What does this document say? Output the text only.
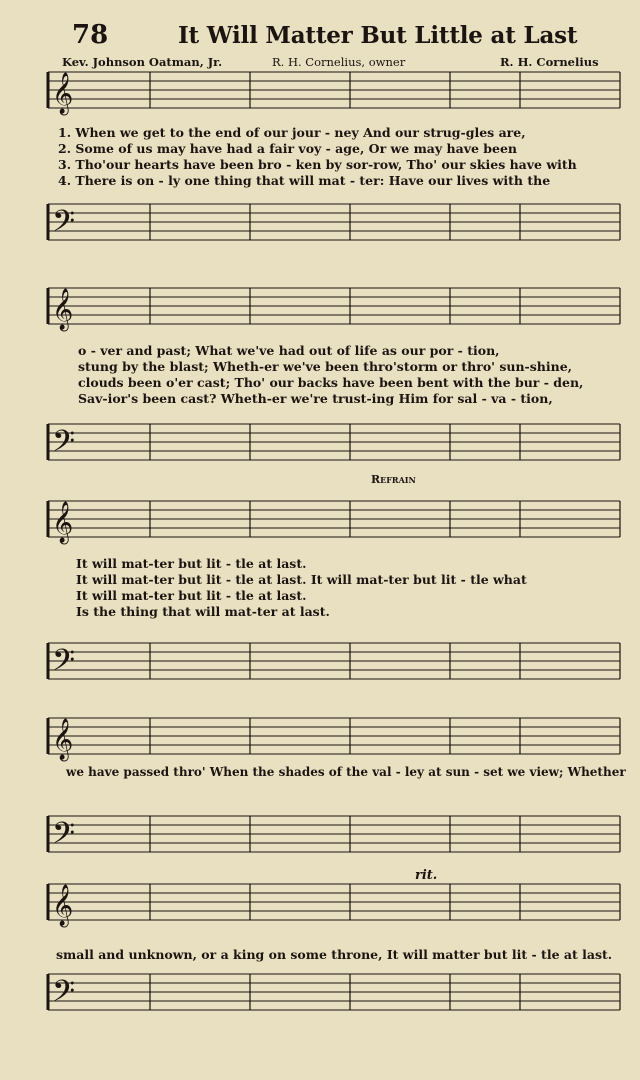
78	It Will Matter But Little at Last
Kev. Johnson Oatman, Jr.	R. H. Cornelius, owner	R. H. Cornelius
𝄞
𝄢
𝄞
𝄢
𝄞
𝄢
𝄞
𝄢
𝄞
𝄢
1. When we get to the end of our jour - ney And our strug-gles are,
2. Some of us may have had a fair voy - age, Or we may have been
3. Tho'our hearts have been bro - ken by sor-row, Tho' our skies have with
4. There is on - ly one thing that will mat - ter: Have our lives with the
o - ver and past; What we've had out of life as our por - tion,
stung by the blast; Wheth-er we've been thro'storm or thro' sun-shine,
clouds been o'er cast; Tho' our backs have been bent with the bur - den,
Sav-ior's been cast? Wheth-er we're trust-ing Him for sal - va - tion,
Refrain
It will mat-ter but lit - tle at last.
It will mat-ter but lit - tle at last. It will mat-ter but lit - tle what
It will mat-ter but lit - tle at last.
Is the thing that will mat-ter at last.
we have passed thro' When the shades of the val - ley at sun - set we view; Whether
rit.
small and unknown, or a king on some throne, It will matter but lit - tle at last.
